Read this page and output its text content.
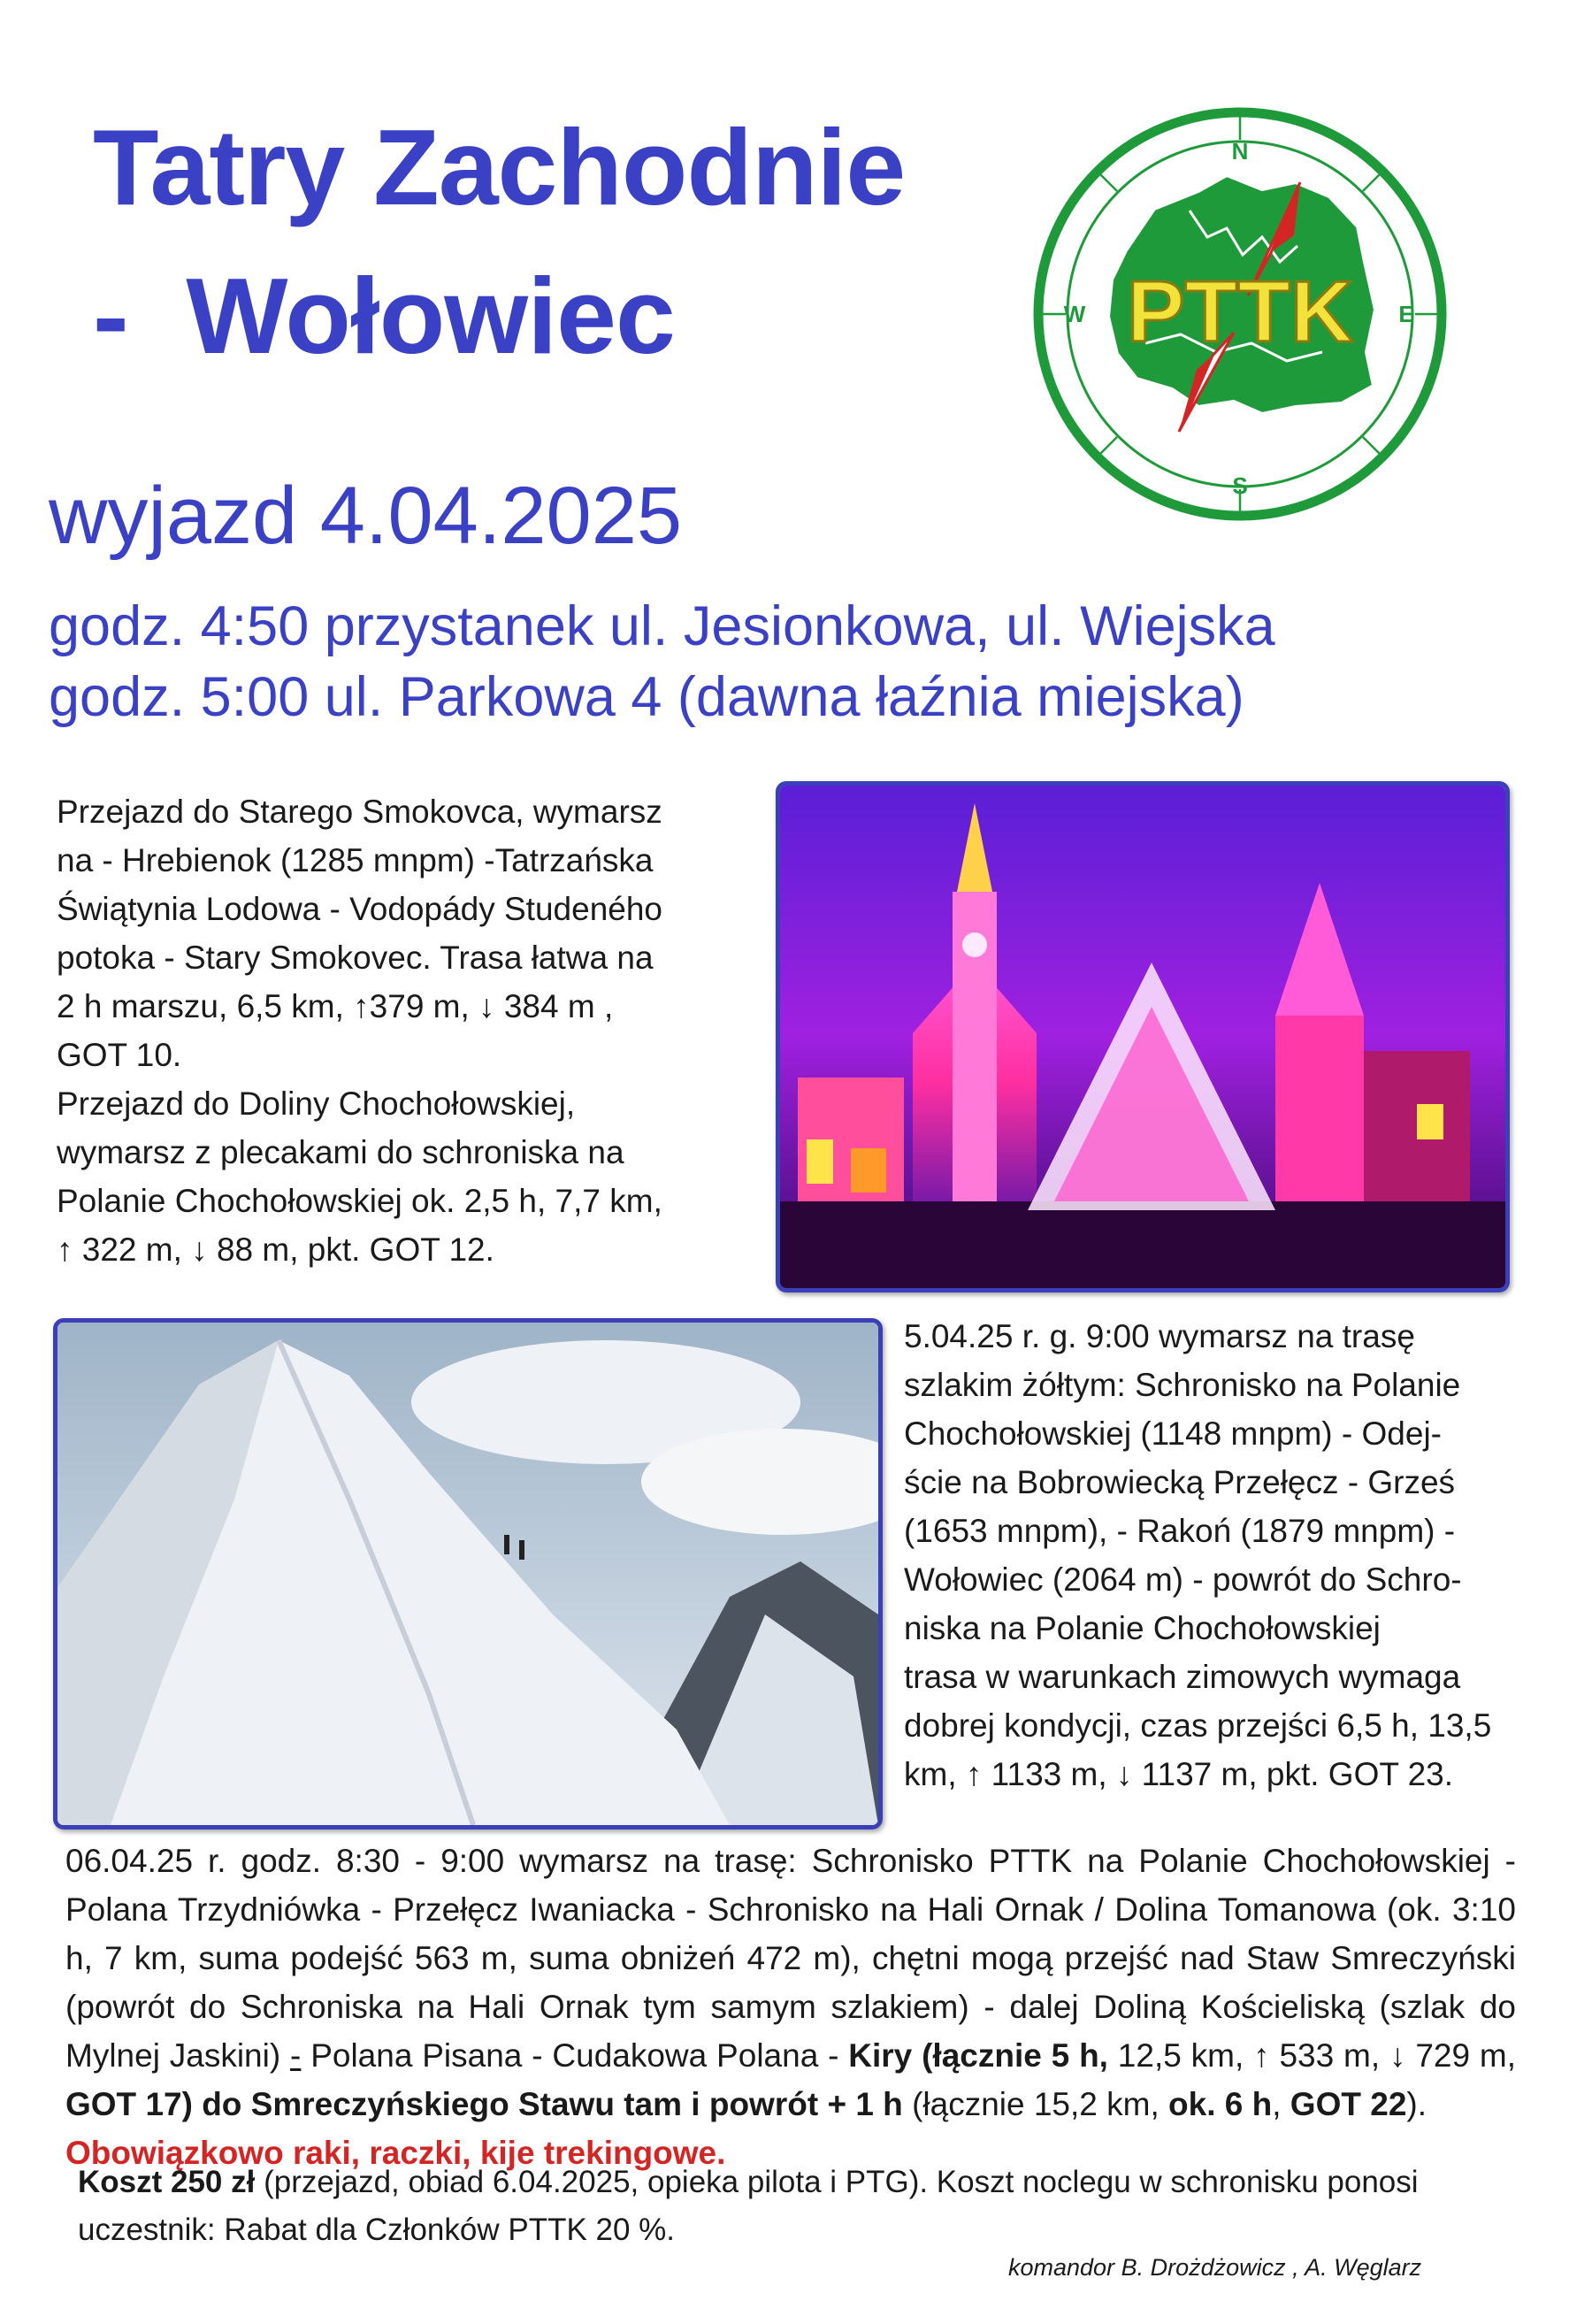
Tatry Zachodnie
-  Wołowiec	PTTK
N
S
W	E

wyjazd 4.04.2025

godz. 4:50 przystanek ul. Jesionkowa, ul. Wiejska
godz. 5:00 ul. Parkowa 4 (dawna łaźnia miejska)
Przejazd do Starego Smokovca, wymarsz
na - Hrebienok (1285 mnpm) -Tatrzańska
Świątynia Lodowa - Vodopády Studeného
potoka - Stary Smokovec. Trasa łatwa na
2 h marszu, 6,5 km, ↑379 m, ↓ 384 m ,
GOT 10.
Przejazd do Doliny Chochołowskiej,
wymarsz z plecakami do schroniska na
Polanie Chochołowskiej ok. 2,5 h, 7,7 km,
↑ 322 m, ↓ 88 m, pkt. GOT 12.
5.04.25 r. g. 9:00 wymarsz na trasę
szlakim żółtym: Schronisko na Polanie
Chochołowskiej (1148 mnpm) - Odej-
ście na Bobrowiecką Przełęcz - Grześ
(1653 mnpm), - Rakoń (1879 mnpm) -
Wołowiec (2064 m) - powrót do Schro-
niska na Polanie Chochołowskiej
trasa w warunkach zimowych wymaga
dobrej kondycji, czas przejści 6,5 h, 13,5
km, ↑ 1133 m, ↓ 1137 m, pkt. GOT 23.
06.04.25 r. godz. 8:30 - 9:00 wymarsz na trasę: Schronisko PTTK na Polanie Chochołowskiej - Polana Trzydniówka - Przełęcz Iwaniacka - Schronisko na Hali Ornak / Dolina Tomanowa (ok. 3:10 h, 7 km, suma podejść 563 m, suma obniżeń 472 m), chętni mogą przejść nad Staw Smreczyński (powrót do Schroniska na Hali Ornak tym samym szlakiem) - dalej Doliną Kościeliską (szlak do Mylnej Jaskini) - Polana Pisana - Cudakowa Polana - Kiry (łącznie 5 h, 12,5 km, ↑ 533 m, ↓ 729 m, GOT 17) do Smreczyńskiego Stawu tam i powrót + 1 h (łącznie 15,2 km, ok. 6 h, GOT 22).
Obowiązkowo raki, raczki, kije trekingowe.
Koszt 250 zł (przejazd, obiad 6.04.2025, opieka pilota i PTG). Koszt noclegu w schronisku ponosi uczestnik: Rabat dla Członków PTTK 20 %.
komandor B. Drożdżowicz , A. Węglarz
